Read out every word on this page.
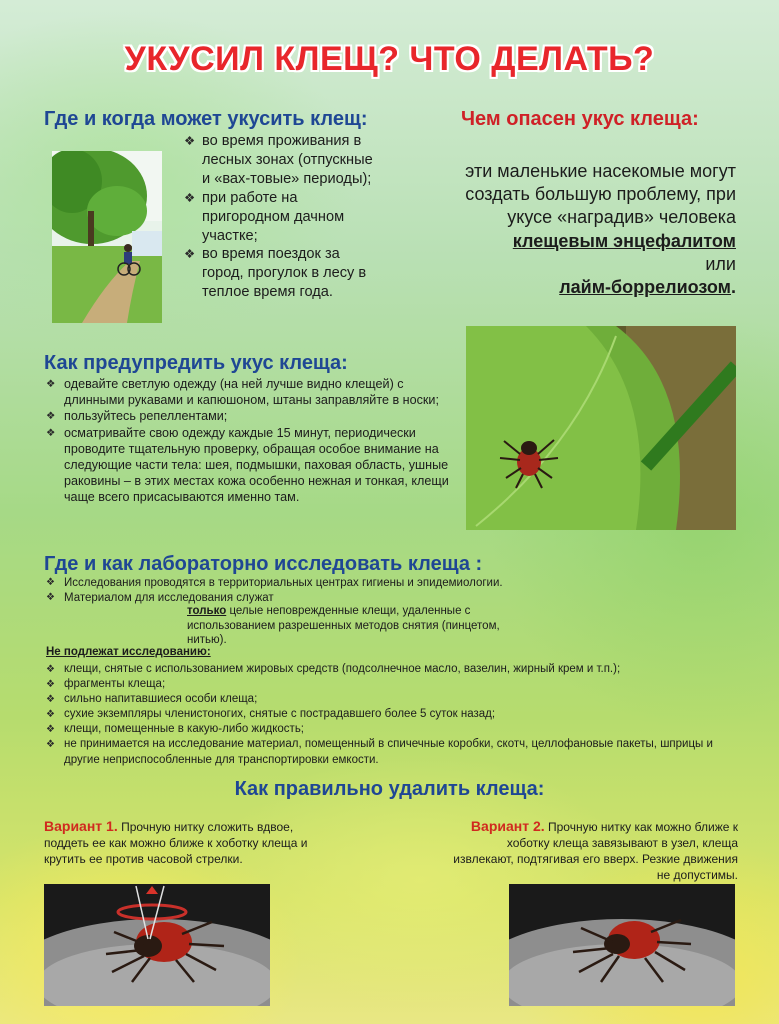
УКУСИЛ КЛЕЩ? ЧТО ДЕЛАТЬ?
Где и когда может укусить клещ:
❖ во время проживания в лесных зонах (отпускные и «вах-товые» периоды);
❖ при работе на пригородном дачном участке;
❖ во время поездок за город, прогулок в лесу в теплое время года.
Чем опасен укус клеща:
эти маленькие насекомые могут создать большую проблему, при укусе «наградив» человека
клещевым энцефалитом
или
лайм-боррелиозом.
Как предупредить укус клеща:
❖ одевайте светлую одежду (на ней лучше видно клещей) с длинными рукавами и капюшоном, штаны заправляйте в носки;
❖ пользуйтесь репеллентами;
❖ осматривайте свою одежду каждые 15 минут, периодически проводите тщательную проверку, обращая особое внимание на следующие части тела: шея, подмышки, паховая область, ушные раковины – в этих местах кожа особенно нежная и тонкая, клещи чаще всего присасываются именно там.
Где и как лабораторно исследовать клеща :
❖ Исследования проводятся в территориальных центрах гигиены и эпидемиологии.
❖ Материалом для исследования служат
только целые неповрежденные клещи, удаленные с использованием разрешенных методов снятия (пинцетом, нитью).
Не подлежат исследованию:
❖ клещи, снятые с использованием жировых средств (подсолнечное масло, вазелин, жирный крем и т.п.);
❖ фрагменты клеща;
❖ сильно напитавшиеся особи клеща;
❖ сухие экземпляры членистоногих, снятые с пострадавшего более 5 суток назад;
❖ клещи, помещенные в какую-либо жидкость;
❖ не принимается на исследование материал, помещенный в спичечные коробки, скотч, целлофановые пакеты, шприцы и другие неприспособленные для транспортировки емкости.
Как правильно удалить клеща:
Вариант 1. Прочную нитку сложить вдвое, поддеть ее как можно ближе к хоботку клеща и крутить ее против часовой стрелки.
Вариант 2. Прочную нитку как можно ближе к хоботку клеща завязывают в узел, клеща извлекают, подтягивая его вверх. Резкие движения не допустимы.
